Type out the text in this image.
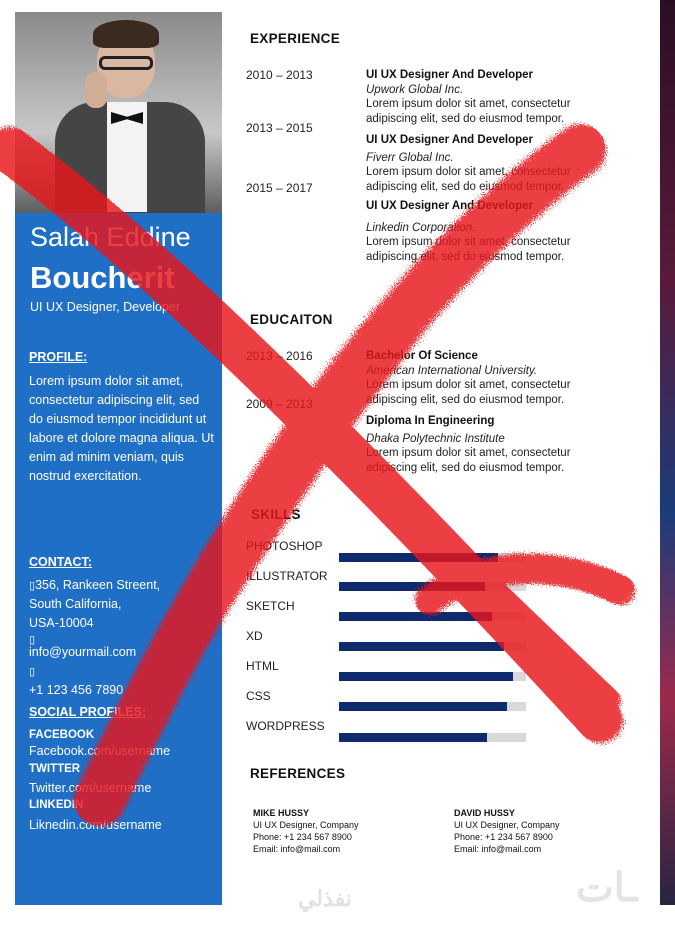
Salah Eddine
Boucherit
UI UX Designer, Developer
PROFILE:
Lorem ipsum dolor sit amet, consectetur adipiscing elit, sed do eiusmod tempor incididunt ut labore et dolore magna aliqua. Ut enim ad minim veniam, quis nostrud exercitation.
CONTACT:
▯356, Rankeen Streent,
South California,
USA-10004
▯
info@yourmail.com
▯
+1 123 456 7890
SOCIAL PROFILES:
FACEBOOK
Facebook.com/username
TWITTER
Twitter.com/username
LINKEDIN
Liknedin.com/username
EXPERIENCE
2010 – 2013	UI UX Designer And Developer
Upwork Global Inc.
Lorem ipsum dolor sit amet, consectetur
adipiscing elit, sed do eiusmod tempor.
2013 – 2015
UI UX Designer And Developer
Fiverr Global Inc.
Lorem ipsum dolor sit amet, consectetur
adipiscing elit, sed do eiusmod tempor.
2015 – 2017
UI UX Designer And Developer
Linkedin Corporation.
Lorem ipsum dolor sit amet, consectetur
adipiscing elit, sed do eiusmod tempor.
EDUCAITON
2013 – 2016	Bachelor Of Science
American International University.
Lorem ipsum dolor sit amet, consectetur
adipiscing elit, sed do eiusmod tempor.
2009 – 2013
Diploma In Engineering
Dhaka Polytechnic Institute
Lorem ipsum dolor sit amet, consectetur
adipiscing elit, sed do eiusmod tempor.
SKILLS
PHOTOSHOP
ILLUSTRATOR
SKETCH
XD
HTML
CSS
WORDPRESS
REFERENCES
MIKE HUSSY
UI UX Designer, Company
Phone: +1 234 567 8900
Email: info@mail.com
DAVID HUSSY
UI UX Designer, Company
Phone: +1 234 567 8900
Email: info@mail.com
نفذلي	ـات
